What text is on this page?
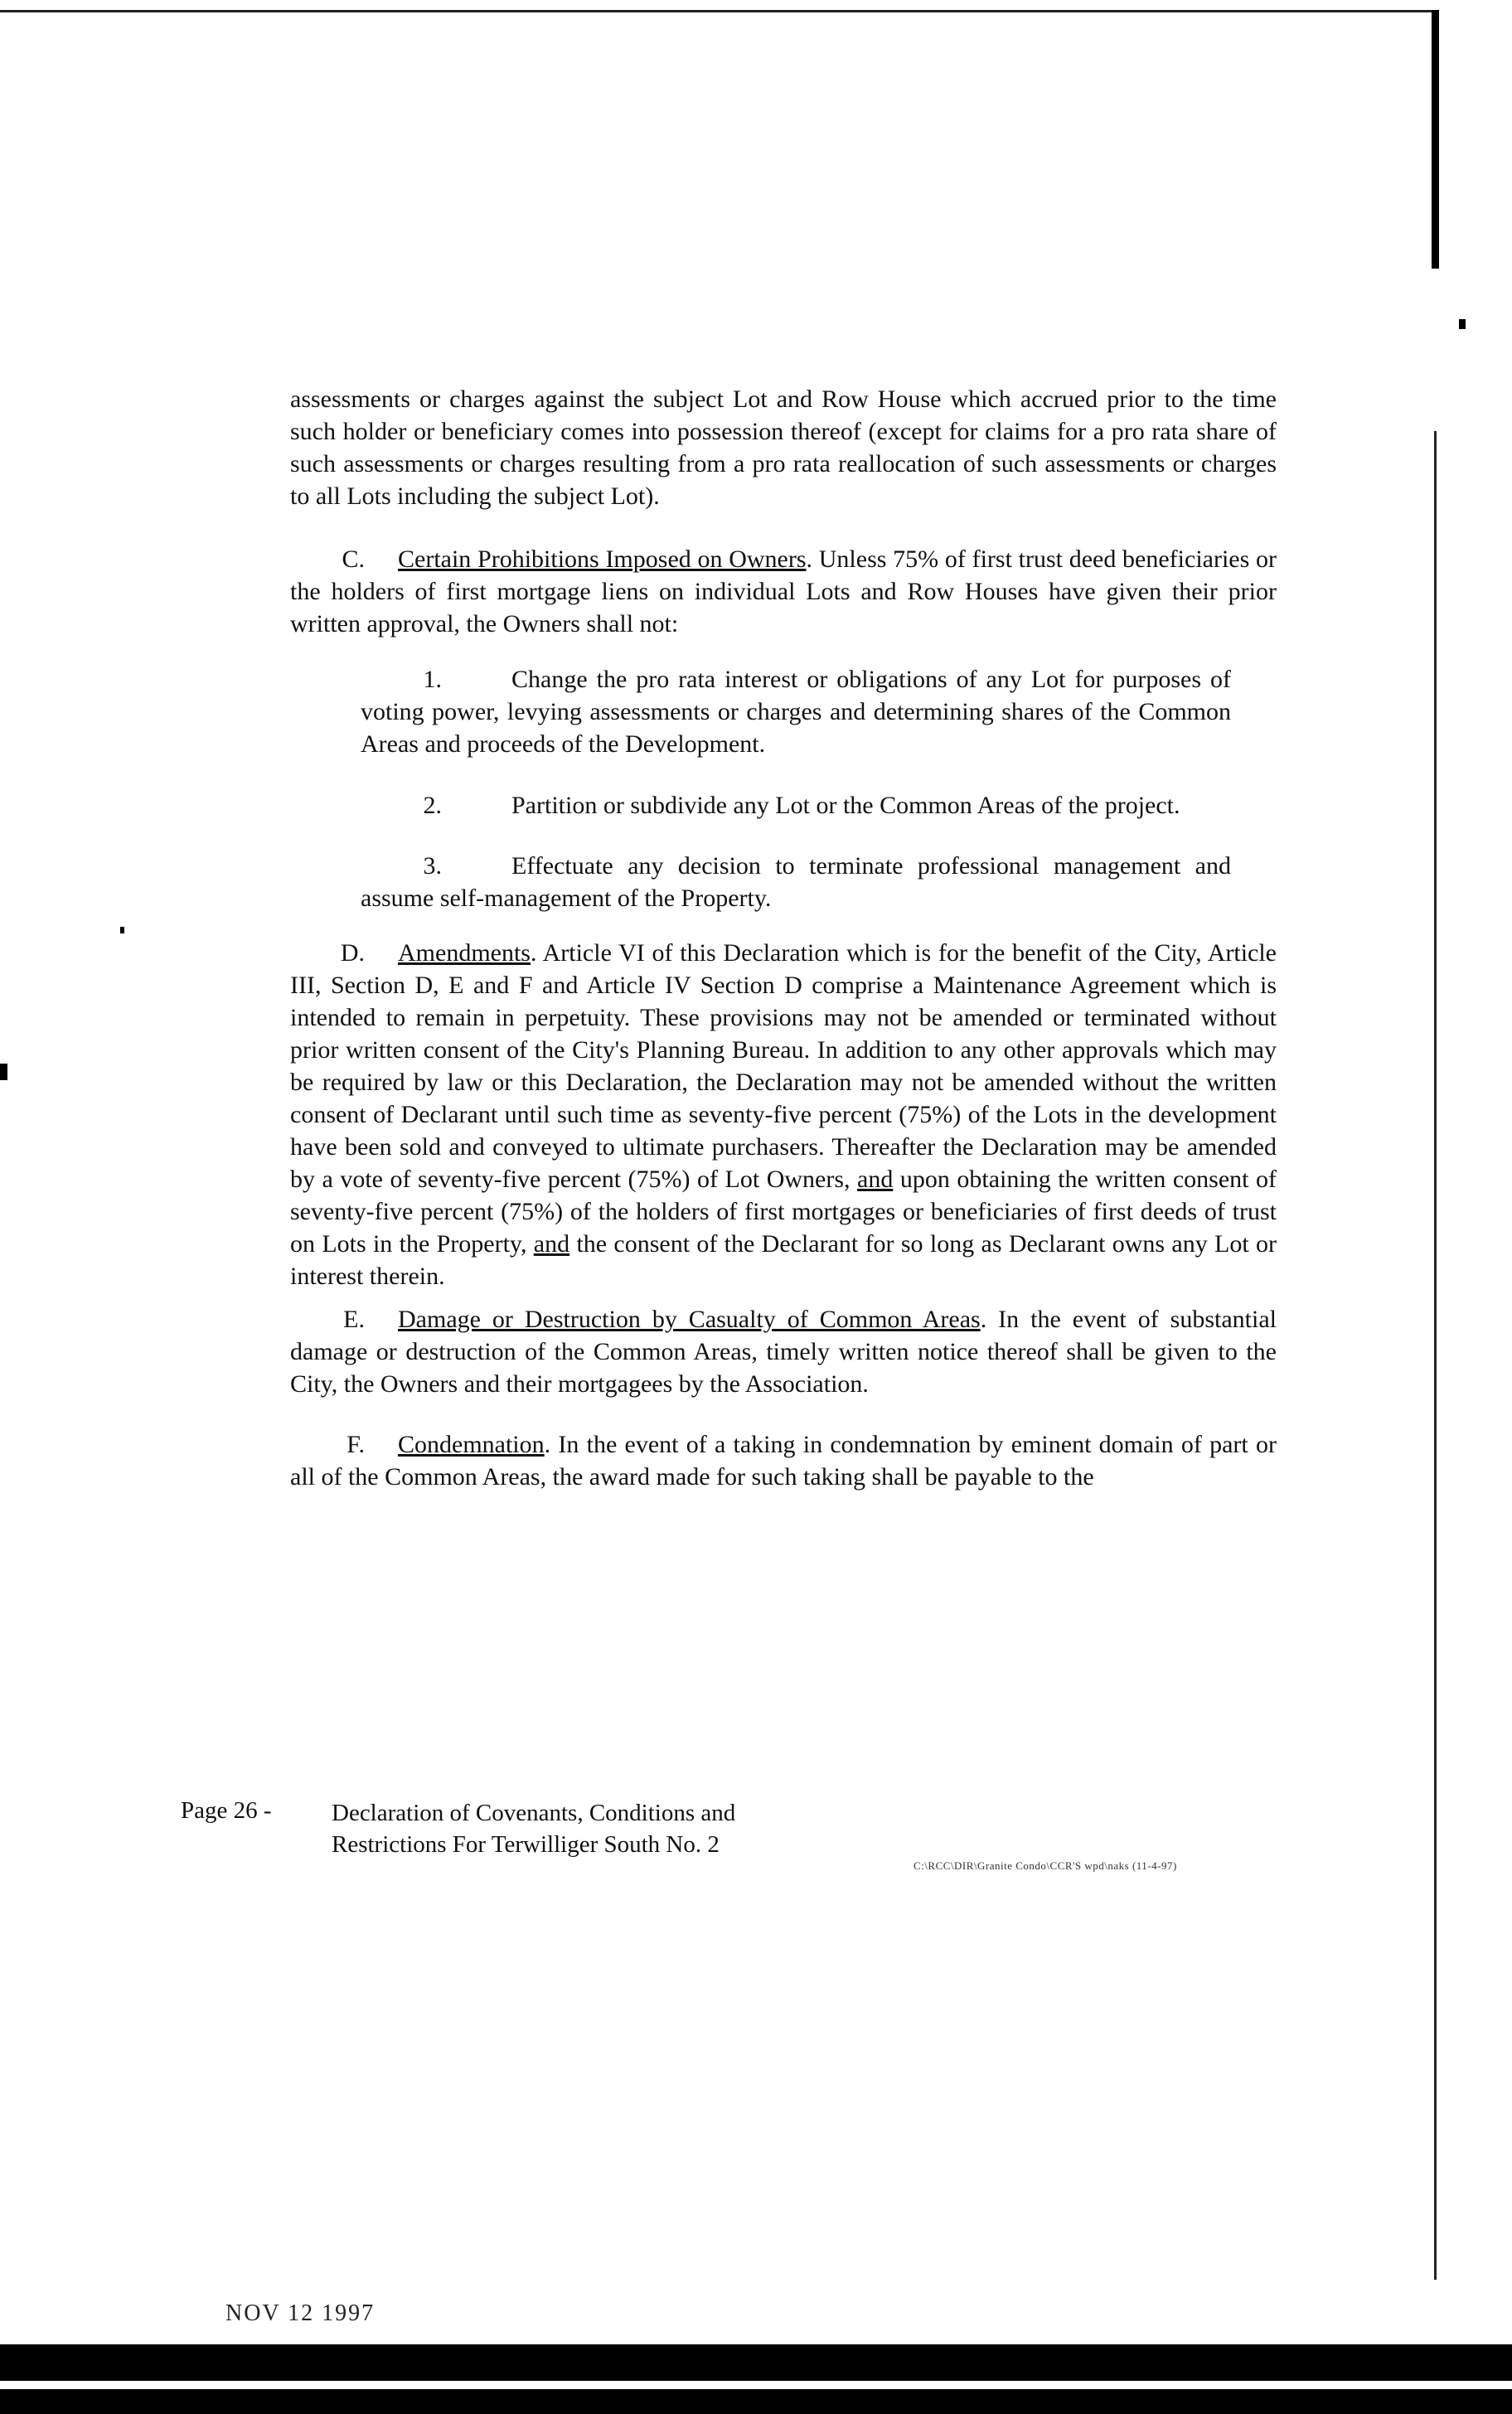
assessments or charges against the subject Lot and Row House which accrued prior to the time such holder or beneficiary comes into possession thereof (except for claims for a pro rata share of such assessments or charges resulting from a pro rata reallocation of such assessments or charges to all Lots including the subject Lot).

C. Certain Prohibitions Imposed on Owners. Unless 75% of first trust deed beneficiaries or the holders of first mortgage liens on individual Lots and Row Houses have given their prior written approval, the Owners shall not:

1.	Change the pro rata interest or obligations of any Lot for purposes of voting power, levying assessments or charges and determining shares of the Common Areas and proceeds of the Development.

2.	Partition or subdivide any Lot or the Common Areas of the project.

3.	Effectuate any decision to terminate professional management and assume self-management of the Property.

D. Amendments. Article VI of this Declaration which is for the benefit of the City, Article III, Section D, E and F and Article IV Section D comprise a Maintenance Agreement which is intended to remain in perpetuity. These provisions may not be amended or terminated without prior written consent of the City's Planning Bureau. In addition to any other approvals which may be required by law or this Declaration, the Declaration may not be amended without the written consent of Declarant until such time as seventy-five percent (75%) of the Lots in the development have been sold and conveyed to ultimate purchasers. Thereafter the Declaration may be amended by a vote of seventy-five percent (75%) of Lot Owners, and upon obtaining the written consent of seventy-five percent (75%) of the holders of first mortgages or beneficiaries of first deeds of trust on Lots in the Property, and the consent of the Declarant for so long as Declarant owns any Lot or interest therein.

E. Damage or Destruction by Casualty of Common Areas. In the event of substantial damage or destruction of the Common Areas, timely written notice thereof shall be given to the City, the Owners and their mortgagees by the Association.

F. Condemnation. In the event of a taking in condemnation by eminent domain of part or all of the Common Areas, the award made for such taking shall be payable to the

Page 26 - Declaration of Covenants, Conditions and
Restrictions For Terwilliger South No. 2
C:\RCC\DIR\Granite Condo\CCR'S wpd\naks (11-4-97)
NOV 12 1997
